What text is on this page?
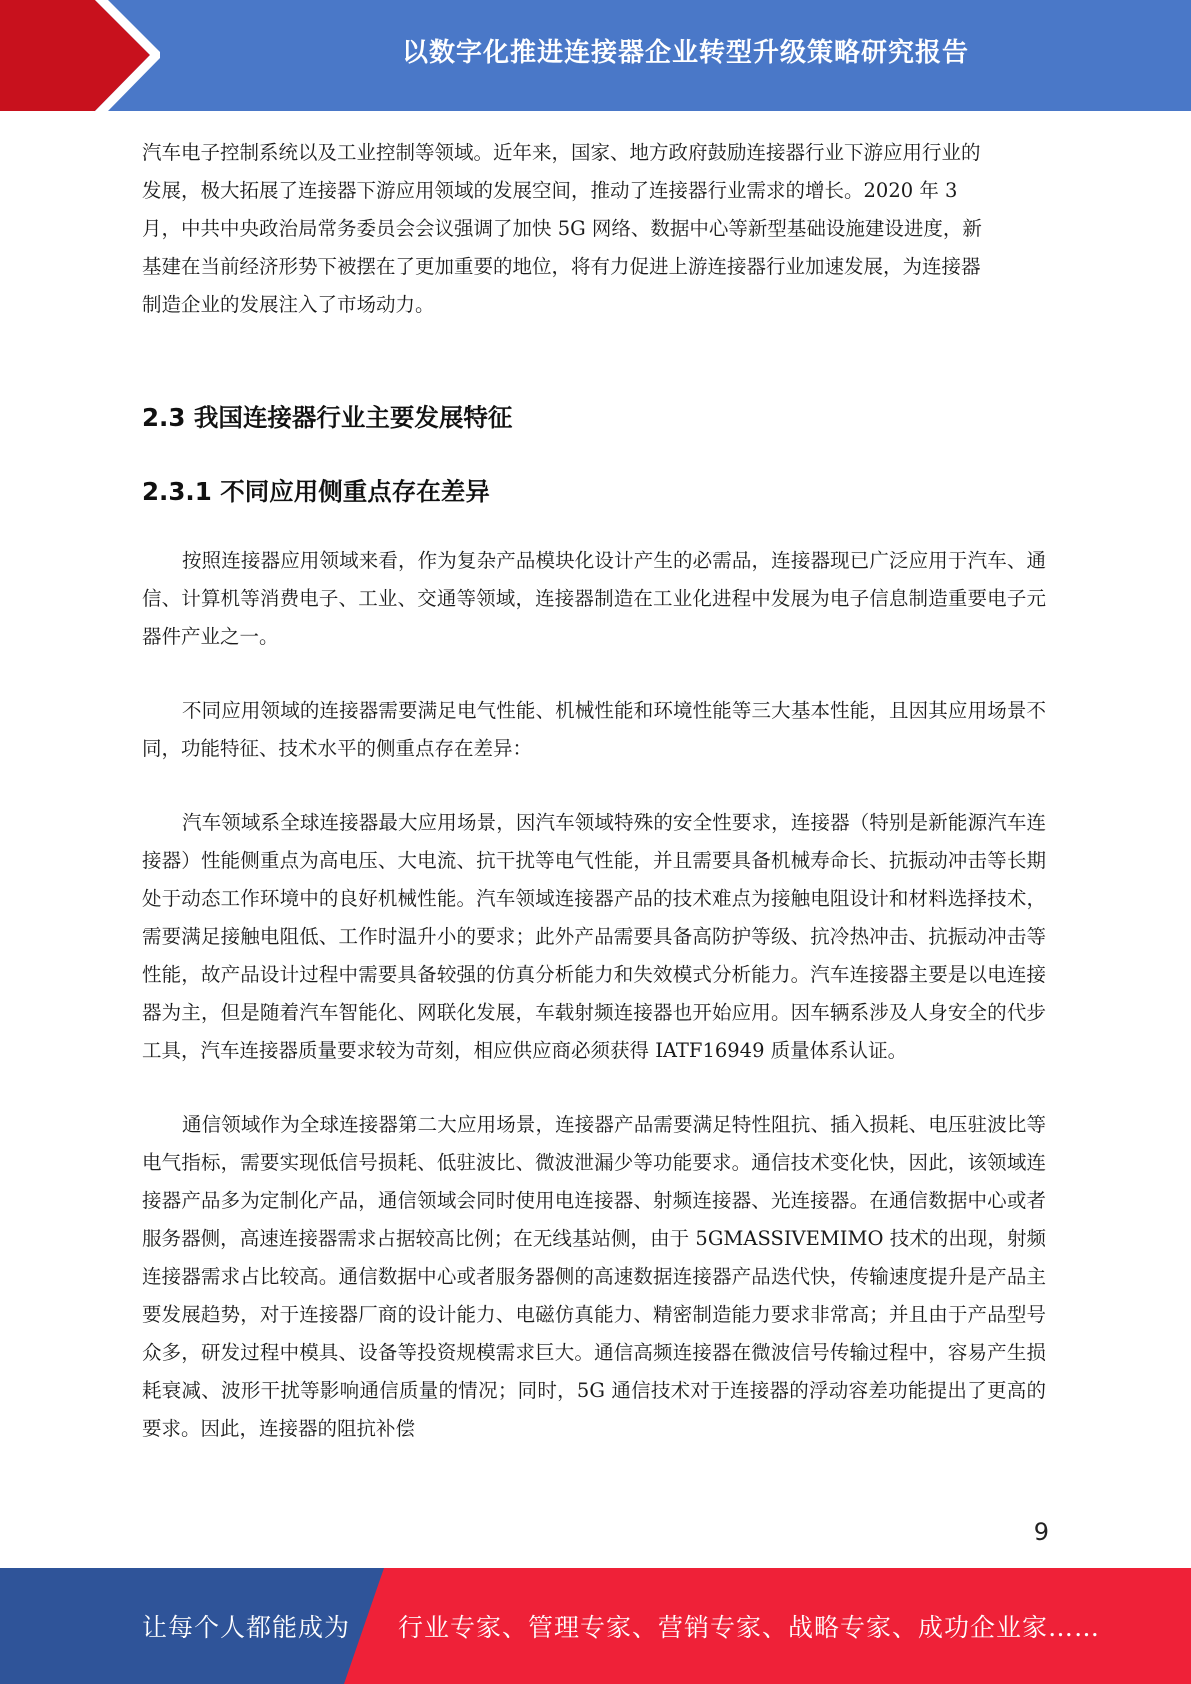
以数字化推进连接器企业转型升级策略研究报告

汽车电子控制系统以及工业控制等领域。近年来，国家、地方政府鼓励连接器行业下游应用行业的
发展，极大拓展了连接器下游应用领域的发展空间，推动了连接器行业需求的增长。2020 年 3
月，中共中央政治局常务委员会会议强调了加快 5G 网络、数据中心等新型基础设施建设进度，新
基建在当前经济形势下被摆在了更加重要的地位，将有力促进上游连接器行业加速发展，为连接器
制造企业的发展注入了市场动力。

2.3 我国连接器行业主要发展特征
2.3.1 不同应用侧重点存在差异

按照连接器应用领域来看，作为复杂产品模块化设计产生的必需品，连接器现已广泛应用于汽车、通信、计算机等消费电子、工业、交通等领域，连接器制造在工业化进程中发展为电子信息制造重要电子元器件产业之一。

不同应用领域的连接器需要满足电气性能、机械性能和环境性能等三大基本性能，且因其应用场景不同，功能特征、技术水平的侧重点存在差异：

汽车领域系全球连接器最大应用场景，因汽车领域特殊的安全性要求，连接器（特别是新能源汽车连接器）性能侧重点为高电压、大电流、抗干扰等电气性能，并且需要具备机械寿命长、抗振动冲击等长期处于动态工作环境中的良好机械性能。汽车领域连接器产品的技术难点为接触电阻设计和材料选择技术，需要满足接触电阻低、工作时温升小的要求；此外产品需要具备高防护等级、抗冷热冲击、抗振动冲击等性能，故产品设计过程中需要具备较强的仿真分析能力和失效模式分析能力。汽车连接器主要是以电连接器为主，但是随着汽车智能化、网联化发展，车载射频连接器也开始应用。因车辆系涉及人身安全的代步工具，汽车连接器质量要求较为苛刻，相应供应商必须获得 IATF16949 质量体系认证。

通信领域作为全球连接器第二大应用场景，连接器产品需要满足特性阻抗、插入损耗、电压驻波比等电气指标，需要实现低信号损耗、低驻波比、微波泄漏少等功能要求。通信技术变化快，因此，该领域连接器产品多为定制化产品，通信领域会同时使用电连接器、射频连接器、光连接器。在通信数据中心或者服务器侧，高速连接器需求占据较高比例；在无线基站侧，由于 5GMASSIVEMIMO 技术的出现，射频连接器需求占比较高。通信数据中心或者服务器侧的高速数据连接器产品迭代快，传输速度提升是产品主要发展趋势，对于连接器厂商的设计能力、电磁仿真能力、精密制造能力要求非常高；并且由于产品型号众多，研发过程中模具、设备等投资规模需求巨大。通信高频连接器在微波信号传输过程中，容易产生损耗衰减、波形干扰等影响通信质量的情况；同时，5G 通信技术对于连接器的浮动容差功能提出了更高的要求。因此，连接器的阻抗补偿

9
让每个人都能成为 行业专家、管理专家、营销专家、战略专家、成功企业家……
